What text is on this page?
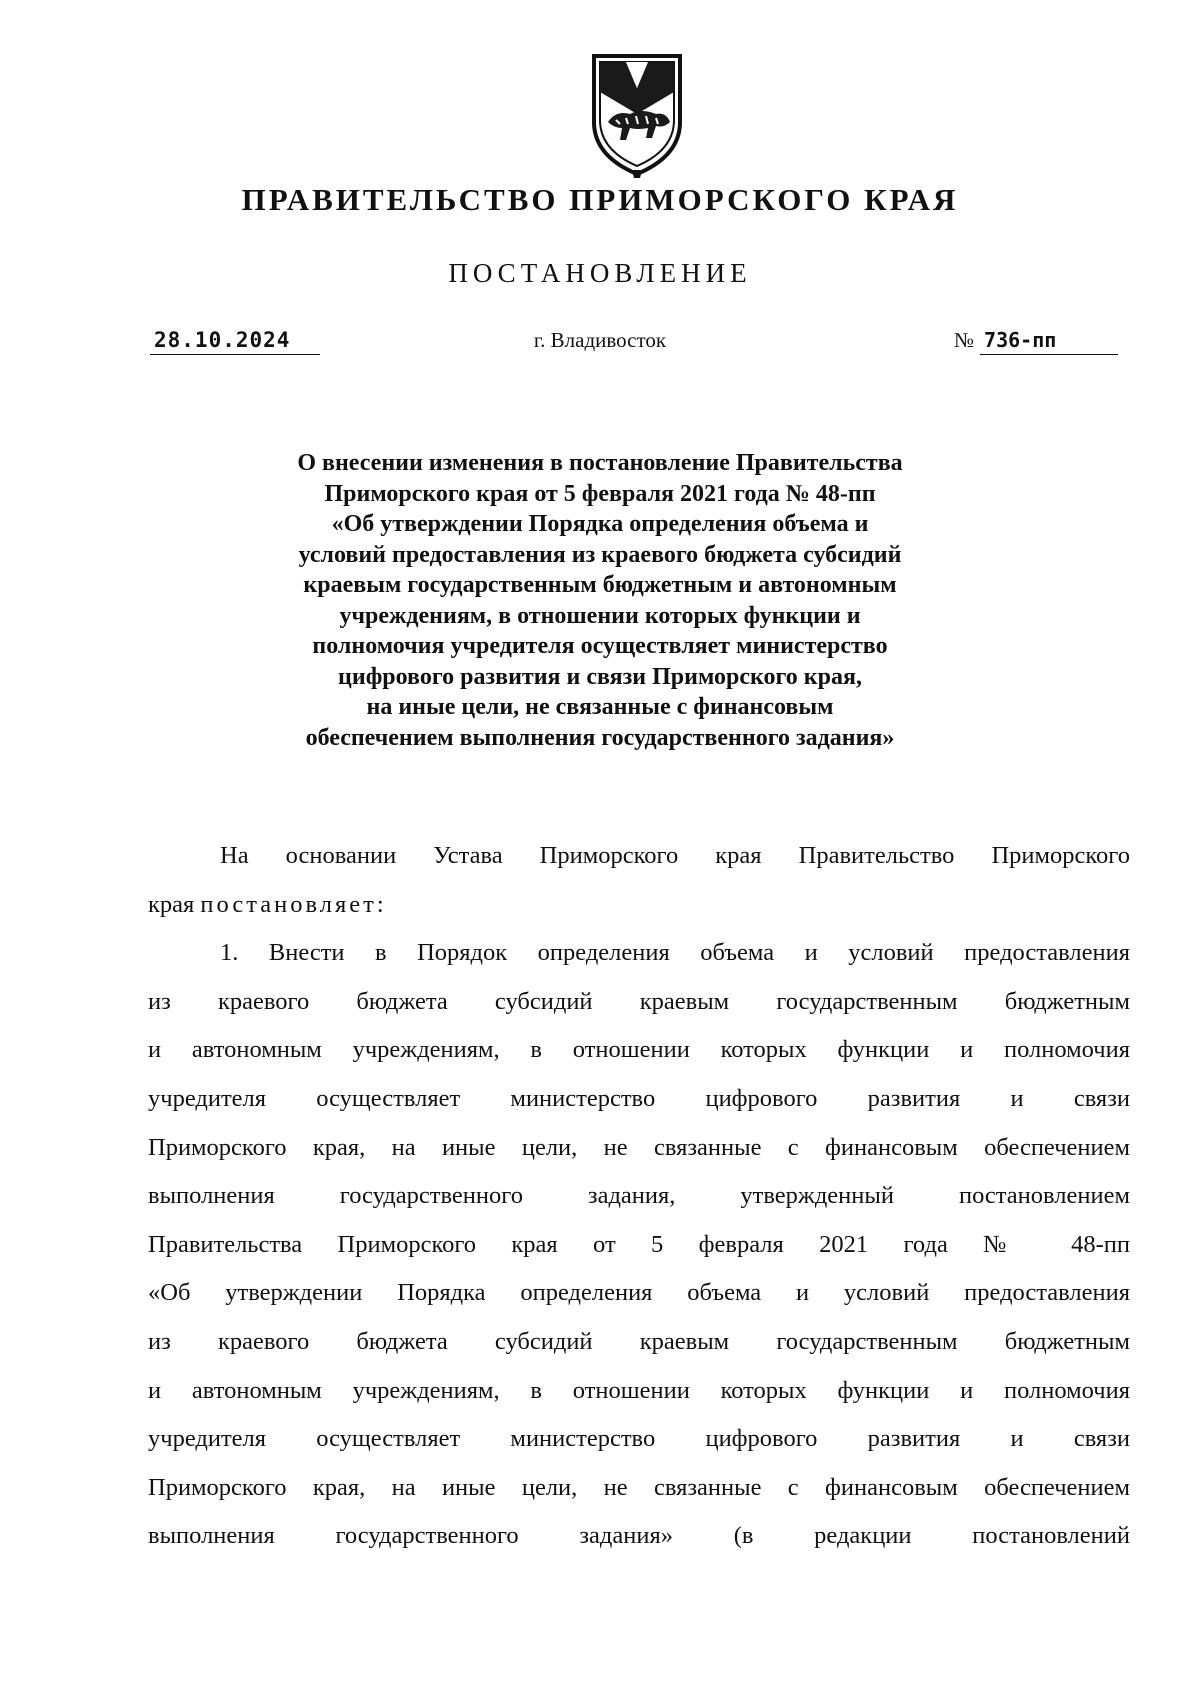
ПРАВИТЕЛЬСТВО ПРИМОРСКОГО КРАЯ
ПОСТАНОВЛЕНИЕ
г. Владивосток
28.10.2024	№ 736-пп
О внесении изменения в постановление Правительства
Приморского края от 5 февраля 2021 года № 48-пп
«Об утверждении Порядка определения объема и
условий предоставления из краевого бюджета субсидий
краевым государственным бюджетным и автономным
учреждениям, в отношении которых функции и
полномочия учредителя осуществляет министерство
цифрового развития и связи Приморского края,
на иные цели, не связанные с финансовым
обеспечением выполнения государственного задания»
На основании Устава Приморского края Правительство Приморского
края постановляет:
1. Внести в Порядок определения объема и условий предоставления
из краевого бюджета субсидий краевым государственным бюджетным
и автономным учреждениям, в отношении которых функции и полномочия
учредителя осуществляет министерство цифрового развития и связи
Приморского края, на иные цели, не связанные с финансовым обеспечением
выполнения государственного задания, утвержденный постановлением
Правительства Приморского края от 5 февраля 2021 года № 48-пп
«Об утверждении Порядка определения объема и условий предоставления
из краевого бюджета субсидий краевым государственным бюджетным
и автономным учреждениям, в отношении которых функции и полномочия
учредителя осуществляет министерство цифрового развития и связи
Приморского края, на иные цели, не связанные с финансовым обеспечением
выполнения государственного задания» (в редакции постановлений
